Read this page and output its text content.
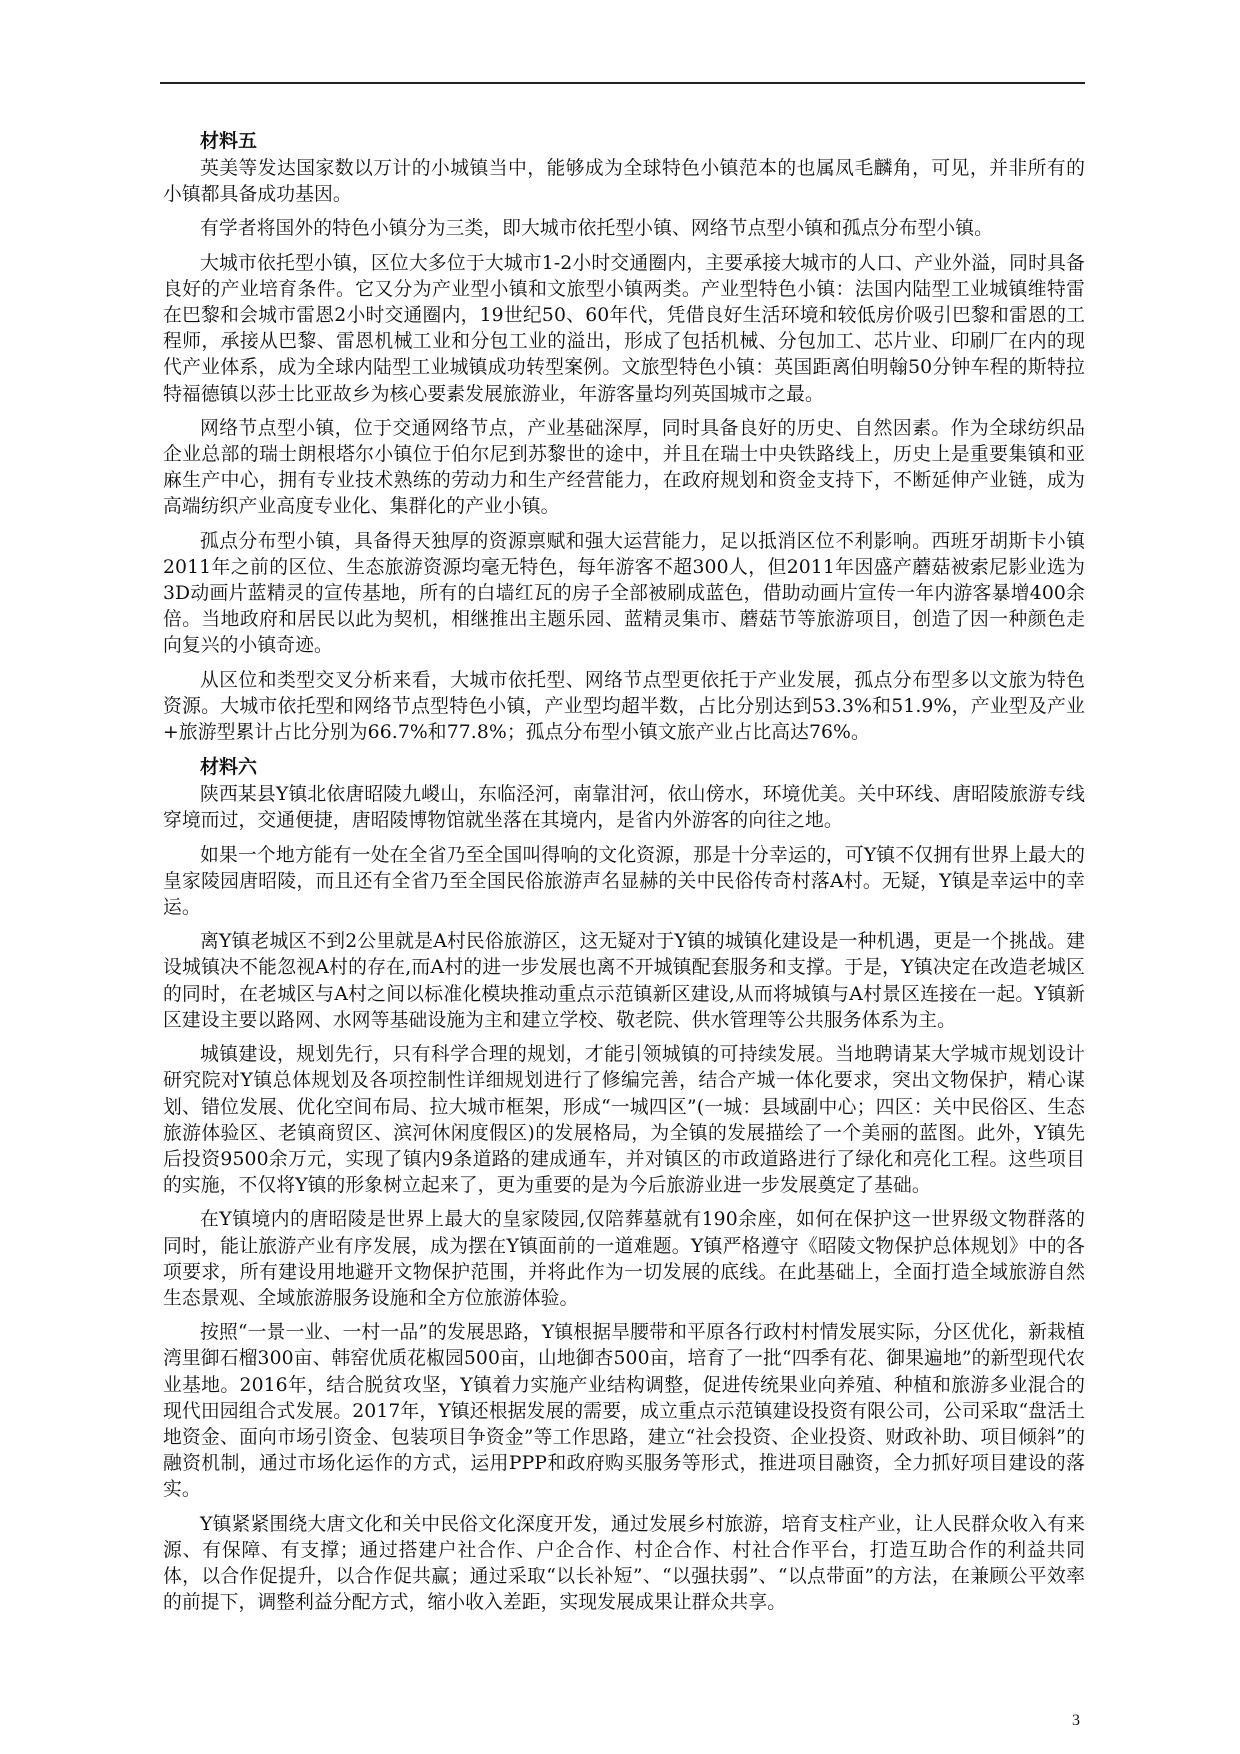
材料五

英美等发达国家数以万计的小城镇当中，能够成为全球特色小镇范本的也属凤毛麟角，可见，并非所有的小镇都具备成功基因。

有学者将国外的特色小镇分为三类，即大城市依托型小镇、网络节点型小镇和孤点分布型小镇。

大城市依托型小镇，区位大多位于大城市1-2小时交通圈内，主要承接大城市的人口、产业外溢，同时具备良好的产业培育条件。它又分为产业型小镇和文旅型小镇两类。产业型特色小镇：法国内陆型工业城镇维特雷在巴黎和会城市雷恩2小时交通圈内，19世纪50、60年代，凭借良好生活环境和较低房价吸引巴黎和雷恩的工程师，承接从巴黎、雷恩机械工业和分包工业的溢出，形成了包括机械、分包加工、芯片业、印刷厂在内的现代产业体系，成为全球内陆型工业城镇成功转型案例。文旅型特色小镇：英国距离伯明翰50分钟车程的斯特拉特福德镇以莎士比亚故乡为核心要素发展旅游业，年游客量均列英国城市之最。

网络节点型小镇，位于交通网络节点，产业基础深厚，同时具备良好的历史、自然因素。作为全球纺织品企业总部的瑞士朗根塔尔小镇位于伯尔尼到苏黎世的途中，并且在瑞士中央铁路线上，历史上是重要集镇和亚麻生产中心，拥有专业技术熟练的劳动力和生产经营能力，在政府规划和资金支持下，不断延伸产业链，成为高端纺织产业高度专业化、集群化的产业小镇。

孤点分布型小镇，具备得天独厚的资源禀赋和强大运营能力，足以抵消区位不利影响。西班牙胡斯卡小镇2011年之前的区位、生态旅游资源均毫无特色，每年游客不超300人，但2011年因盛产蘑菇被索尼影业选为3D动画片蓝精灵的宣传基地，所有的白墙红瓦的房子全部被刷成蓝色，借助动画片宣传一年内游客暴增400余倍。当地政府和居民以此为契机，相继推出主题乐园、蓝精灵集市、蘑菇节等旅游项目，创造了因一种颜色走向复兴的小镇奇迹。

从区位和类型交叉分析来看，大城市依托型、网络节点型更依托于产业发展，孤点分布型多以文旅为特色资源。大城市依托型和网络节点型特色小镇，产业型均超半数，占比分别达到53.3%和51.9%，产业型及产业+旅游型累计占比分别为66.7%和77.8%；孤点分布型小镇文旅产业占比高达76%。

材料六

陕西某县Y镇北依唐昭陵九嵕山，东临泾河，南靠泔河，依山傍水，环境优美。关中环线、唐昭陵旅游专线穿境而过，交通便捷，唐昭陵博物馆就坐落在其境内，是省内外游客的向往之地。

如果一个地方能有一处在全省乃至全国叫得响的文化资源，那是十分幸运的，可Y镇不仅拥有世界上最大的皇家陵园唐昭陵，而且还有全省乃至全国民俗旅游声名显赫的关中民俗传奇村落A村。无疑，Y镇是幸运中的幸运。

离Y镇老城区不到2公里就是A村民俗旅游区，这无疑对于Y镇的城镇化建设是一种机遇，更是一个挑战。建设城镇决不能忽视A村的存在,而A村的进一步发展也离不开城镇配套服务和支撑。于是，Y镇决定在改造老城区的同时，在老城区与A村之间以标准化模块推动重点示范镇新区建设,从而将城镇与A村景区连接在一起。Y镇新区建设主要以路网、水网等基础设施为主和建立学校、敬老院、供水管理等公共服务体系为主。

城镇建设，规划先行，只有科学合理的规划，才能引领城镇的可持续发展。当地聘请某大学城市规划设计研究院对Y镇总体规划及各项控制性详细规划进行了修编完善，结合产城一体化要求，突出文物保护，精心谋划、错位发展、优化空间布局、拉大城市框架，形成“一城四区”(一城：县域副中心；四区：关中民俗区、生态旅游体验区、老镇商贸区、滨河休闲度假区)的发展格局，为全镇的发展描绘了一个美丽的蓝图。此外，Y镇先后投资9500余万元，实现了镇内9条道路的建成通车，并对镇区的市政道路进行了绿化和亮化工程。这些项目的实施，不仅将Y镇的形象树立起来了，更为重要的是为今后旅游业进一步发展奠定了基础。

在Y镇境内的唐昭陵是世界上最大的皇家陵园,仅陪葬墓就有190余座，如何在保护这一世界级文物群落的同时，能让旅游产业有序发展，成为摆在Y镇面前的一道难题。Y镇严格遵守《昭陵文物保护总体规划》中的各项要求，所有建设用地避开文物保护范围，并将此作为一切发展的底线。在此基础上，全面打造全域旅游自然生态景观、全域旅游服务设施和全方位旅游体验。

按照“一景一业、一村一品”的发展思路，Y镇根据旱腰带和平原各行政村村情发展实际，分区优化，新栽植湾里御石榴300亩、韩窑优质花椒园500亩，山地御杏500亩，培育了一批“四季有花、御果遍地”的新型现代农业基地。2016年，结合脱贫攻坚，Y镇着力实施产业结构调整，促进传统果业向养殖、种植和旅游多业混合的现代田园组合式发展。2017年，Y镇还根据发展的需要，成立重点示范镇建设投资有限公司，公司采取“盘活土地资金、面向市场引资金、包装项目争资金”等工作思路，建立“社会投资、企业投资、财政补助、项目倾斜”的融资机制，通过市场化运作的方式，运用PPP和政府购买服务等形式，推进项目融资，全力抓好项目建设的落实。

Y镇紧紧围绕大唐文化和关中民俗文化深度开发，通过发展乡村旅游，培育支柱产业，让人民群众收入有来源、有保障、有支撑；通过搭建户社合作、户企合作、村企合作、村社合作平台，打造互助合作的利益共同体，以合作促提升，以合作促共赢；通过采取“以长补短”、“以强扶弱”、“以点带面”的方法，在兼顾公平效率的前提下，调整利益分配方式，缩小收入差距，实现发展成果让群众共享。

3
